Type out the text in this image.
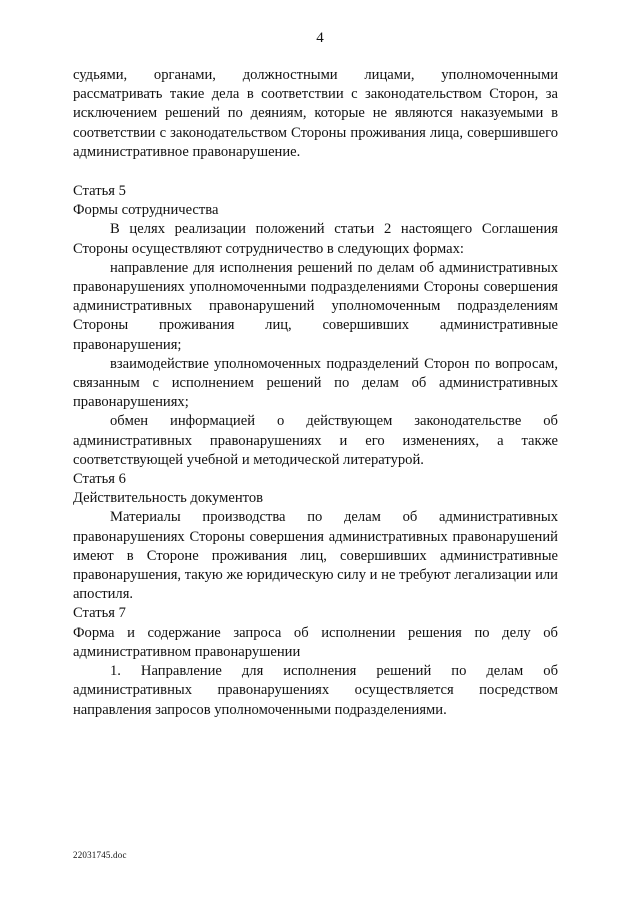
4

судьями, органами, должностными лицами, уполномоченными рассматривать такие дела в соответствии с законодательством Сторон, за исключением решений по деяниям, которые не являются наказуемыми в соответствии с законодательством Стороны проживания лица, совершившего административное правонарушение.

Статья 5

Формы сотрудничества

В целях реализации положений статьи 2 настоящего Соглашения Стороны осуществляют сотрудничество в следующих формах:

направление для исполнения решений по делам об административных правонарушениях уполномоченными подразделениями Стороны совершения административных правонарушений уполномоченным подразделениям Стороны проживания лиц, совершивших административные правонарушения;

взаимодействие уполномоченных подразделений Сторон по вопросам, связанным с исполнением решений по делам об административных правонарушениях;

обмен информацией о действующем законодательстве об административных правонарушениях и его изменениях, а также соответствующей учебной и методической литературой.

Статья 6

Действительность документов

Материалы производства по делам об административных правонарушениях Стороны совершения административных правонарушений имеют в Стороне проживания лиц, совершивших административные правонарушения, такую же юридическую силу и не требуют легализации или апостиля.

Статья 7

Форма и содержание запроса об исполнении решения по делу об административном правонарушении

1. Направление для исполнения решений по делам об административных правонарушениях осуществляется посредством направления запросов уполномоченными подразделениями.

22031745.doc
